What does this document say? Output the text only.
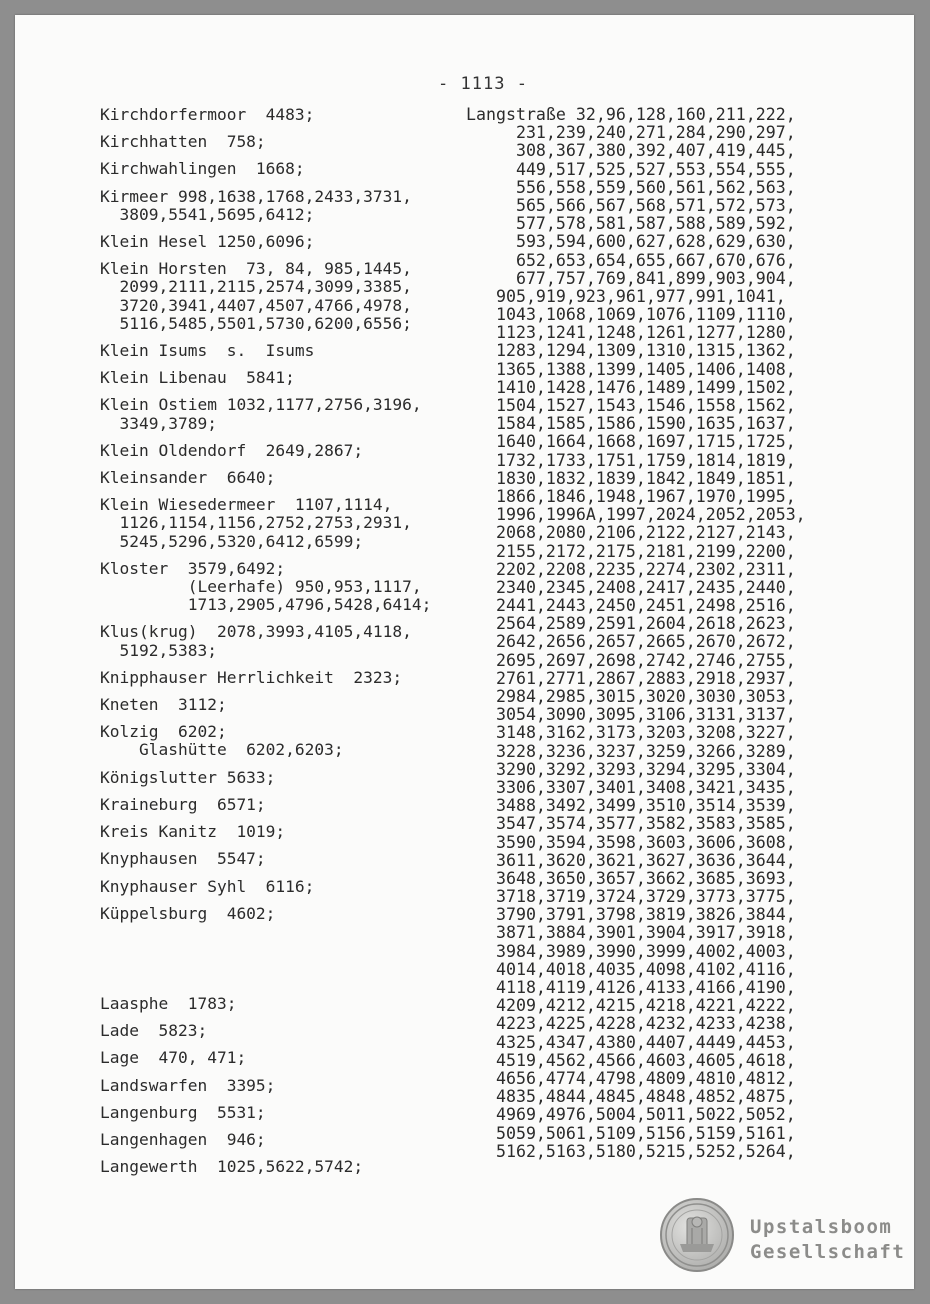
- 1113 -
Kirchdorfermoor  4483;
Kirchhatten  758;
Kirchwahlingen  1668;
Kirmeer 998,1638,1768,2433,3731,
3809,5541,5695,6412;
Klein Hesel 1250,6096;
Klein Horsten  73, 84, 985,1445,
2099,2111,2115,2574,3099,3385,
3720,3941,4407,4507,4766,4978,
5116,5485,5501,5730,6200,6556;
Klein Isums  s.  Isums
Klein Libenau  5841;
Klein Ostiem 1032,1177,2756,3196,
3349,3789;
Klein Oldendorf  2649,2867;
Kleinsander  6640;
Klein Wiesedermeer  1107,1114,
1126,1154,1156,2752,2753,2931,
5245,5296,5320,6412,6599;
Kloster  3579,6492;
(Leerhafe) 950,953,1117,
1713,2905,4796,5428,6414;
Klus(krug)  2078,3993,4105,4118,
5192,5383;
Knipphauser Herrlichkeit  2323;
Kneten  3112;
Kolzig  6202;
Glashütte  6202,6203;
Königslutter 5633;
Kraineburg  6571;
Kreis Kanitz  1019;
Knyphausen  5547;
Knyphauser Syhl  6116;
Küppelsburg  4602;
Laasphe  1783;
Lade  5823;
Lage  470, 471;
Landswarfen  3395;
Langenburg  5531;
Langenhagen  946;
Langewerth  1025,5622,5742;
Langstraße 32,96,128,160,211,222,
231,239,240,271,284,290,297,
308,367,380,392,407,419,445,
449,517,525,527,553,554,555,
556,558,559,560,561,562,563,
565,566,567,568,571,572,573,
577,578,581,587,588,589,592,
593,594,600,627,628,629,630,
652,653,654,655,667,670,676,
677,757,769,841,899,903,904,
905,919,923,961,977,991,1041,
1043,1068,1069,1076,1109,1110,
1123,1241,1248,1261,1277,1280,
1283,1294,1309,1310,1315,1362,
1365,1388,1399,1405,1406,1408,
1410,1428,1476,1489,1499,1502,
1504,1527,1543,1546,1558,1562,
1584,1585,1586,1590,1635,1637,
1640,1664,1668,1697,1715,1725,
1732,1733,1751,1759,1814,1819,
1830,1832,1839,1842,1849,1851,
1866,1846,1948,1967,1970,1995,
1996,1996A,1997,2024,2052,2053,
2068,2080,2106,2122,2127,2143,
2155,2172,2175,2181,2199,2200,
2202,2208,2235,2274,2302,2311,
2340,2345,2408,2417,2435,2440,
2441,2443,2450,2451,2498,2516,
2564,2589,2591,2604,2618,2623,
2642,2656,2657,2665,2670,2672,
2695,2697,2698,2742,2746,2755,
2761,2771,2867,2883,2918,2937,
2984,2985,3015,3020,3030,3053,
3054,3090,3095,3106,3131,3137,
3148,3162,3173,3203,3208,3227,
3228,3236,3237,3259,3266,3289,
3290,3292,3293,3294,3295,3304,
3306,3307,3401,3408,3421,3435,
3488,3492,3499,3510,3514,3539,
3547,3574,3577,3582,3583,3585,
3590,3594,3598,3603,3606,3608,
3611,3620,3621,3627,3636,3644,
3648,3650,3657,3662,3685,3693,
3718,3719,3724,3729,3773,3775,
3790,3791,3798,3819,3826,3844,
3871,3884,3901,3904,3917,3918,
3984,3989,3990,3999,4002,4003,
4014,4018,4035,4098,4102,4116,
4118,4119,4126,4133,4166,4190,
4209,4212,4215,4218,4221,4222,
4223,4225,4228,4232,4233,4238,
4325,4347,4380,4407,4449,4453,
4519,4562,4566,4603,4605,4618,
4656,4774,4798,4809,4810,4812,
4835,4844,4845,4848,4852,4875,
4969,4976,5004,5011,5022,5052,
5059,5061,5109,5156,5159,5161,
5162,5163,5180,5215,5252,5264,
Upstalsboom
Gesellschaft
